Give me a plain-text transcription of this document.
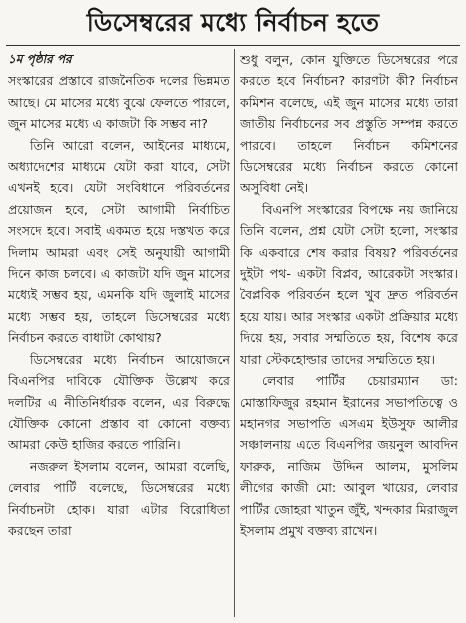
ডিসেম্বরের মধ্যে নির্বাচন হতে
১ম পৃষ্ঠার পর

সংস্কারের প্রস্তাবে রাজনৈতিক দলের ভিন্নমত আছে। মে মাসের মধ্যে বুঝে ফেলতে পারলে, জুন মাসের মধ্যে এ কাজটা কি সম্ভব না?

তিনি আরো বলেন, আইনের মাধ্যমে, অধ্যাদেশের মাধ্যমে যেটা করা যাবে, সেটা এখনই হবে। যেটা সংবিধানে পরিবর্তনের প্রয়োজন হবে, সেটা আগামী নির্বাচিত সংসদে হবে। সবাই একমত হয়ে দস্তখত করে দিলাম আমরা এবং সেই অনুযায়ী আগামী দিনে কাজ চলবে। এ কাজটা যদি জুন মাসের মধ্যেই সম্ভব হয়, এমনকি যদি জুলাই মাসের মধ্যে সম্ভব হয়, তাহলে ডিসেম্বরের মধ্যে নির্বাচন করতে বাধাটা কোথায়?

ডিসেম্বরের মধ্যে নির্বাচন আয়োজনে বিএনপির দাবিকে যৌক্তিক উল্লেখ করে দলটির এ নীতিনির্ধারক বলেন, এর বিরুদ্ধে যৌক্তিক কোনো প্রস্তাব বা কোনো বক্তব্য আমরা কেউ হাজির করতে পারিনি।

নজরুল ইসলাম বলেন, আমরা বলেছি, লেবার পার্টি বলেছে, ডিসেম্বরের মধ্যে নির্বাচনটা হোক। যারা এটার বিরোধিতা করছেন তারা

শুধু বলুন, কোন যুক্তিতে ডিসেম্বরের পরে করতে হবে নির্বাচন? কারণটা কী? নির্বাচন কমিশন বলেছে, এই জুন মাসের মধ্যে তারা জাতীয় নির্বাচনের সব প্রস্তুতি সম্পন্ন করতে পারবে। তাহলে নির্বাচন কমিশনের ডিসেম্বরের মধ্যে নির্বাচন করতে কোনো অসুবিধা নেই।

বিএনপি সংস্কারের বিপক্ষে নয় জানিয়ে তিনি বলেন, প্রশ্ন যেটা সেটা হলো, সংস্কার কি একবারে শেষ করার বিষয়? পরিবর্তনের দুইটা পথ- একটা বিপ্লব, আরেকটা সংস্কার। বৈপ্লবিক পরিবর্তন হলে খুব দ্রুত পরিবর্তন হয়ে যায়। আর সংস্কার একটা প্রক্রিয়ার মধ্যে দিয়ে হয়, সবার সম্মতিতে হয়, বিশেষ করে যারা স্টেকহোল্ডার তাদের সম্মতিতে হয়।

লেবার পার্টির চেয়ারম্যান ডা: মোস্তাফিজুর রহমান ইরানের সভাপতিত্বে ও মহানগর সভাপতি এসএম ইউসুফ আলীর সঞ্চালনায় এতে বিএনপির জয়নুল আবদিন ফারুক, নাজিম উদ্দিন আলম, মুসলিম লীগের কাজী মো: আবুল খায়ের, লেবার পার্টির জোহরা খাতুন জুঁই, খন্দকার মিরাজুল ইসলাম প্রমুখ বক্তব্য রাখেন।
